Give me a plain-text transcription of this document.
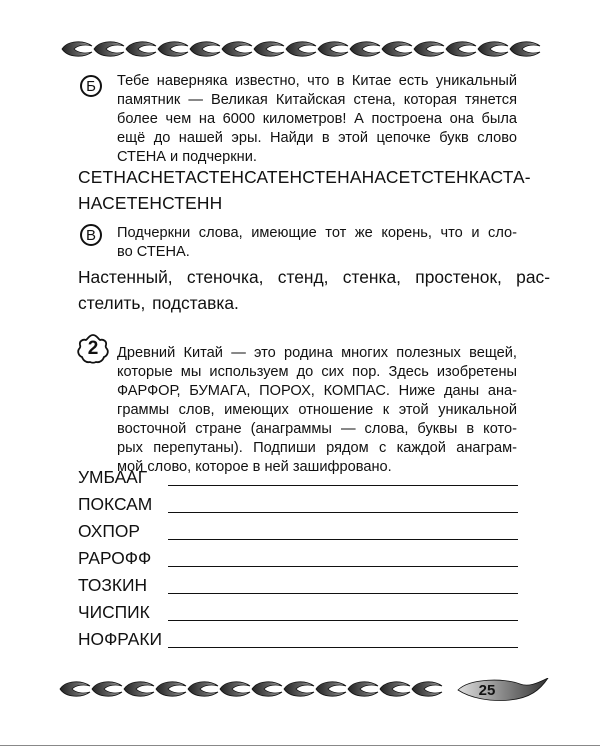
Б Тебе наверняка известно, что в Китае есть уникальный памятник — Великая Китайская стена, которая тянется более чем на 6000 километров! А построена она была ещё до нашей эры. Найди в этой цепочке букв слово СТЕНА и подчеркни.
СЕТНАСНЕТАСТЕНСАТЕНСТЕНАНАСЕТСТЕНКАСТА-
НАСЕТЕНСТЕНН
В Подчеркни слова, имеющие тот же корень, что и сло-
во СТЕНА.
Настенный, стеночка, стенд, стенка, простенок, рас-
стелить, подставка.
2	Древний Китай — это родина многих полезных вещей,
которые мы используем до сих пор. Здесь изобретены
ФАРФОР, БУМАГА, ПОРОХ, КОМПАС. Ниже даны ана-
граммы слов, имеющих отношение к этой уникальной
восточной стране (анаграммы — слова, буквы в кото-
рых перепутаны). Подпиши рядом с каждой анаграм-
мой слово, которое в ней зашифровано.
УМБААГ
ПОКСАМ
ОХПОР
РАРОФФ
ТОЗКИН
ЧИСПИК
НОФРАКИ
25
